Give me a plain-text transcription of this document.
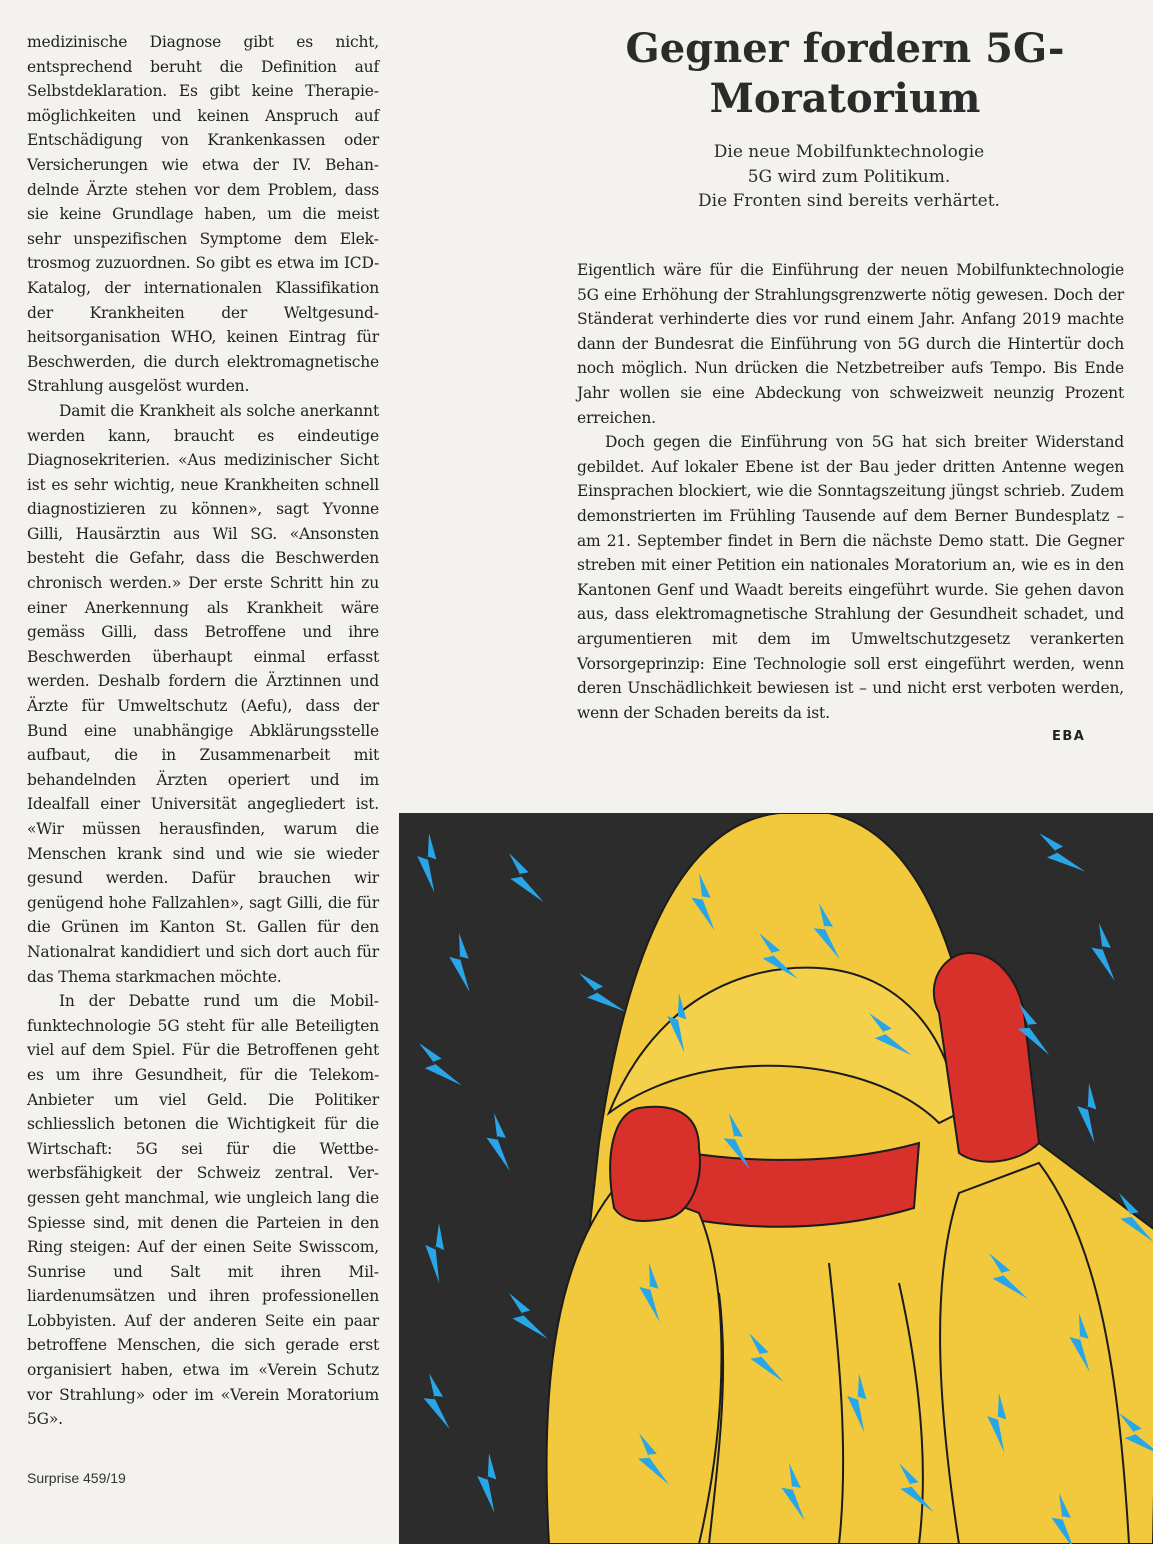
medizinische Diagnose gibt es nicht, entsprechend beruht die Definition auf Selbstdeklaration. Es gibt keine Therapiemöglichkeiten und keinen Anspruch auf Entschädigung von Krankenkassen oder Versicherungen wie etwa der IV. Behandelnde Ärzte stehen vor dem Problem, dass sie keine Grundlage haben, um die meist sehr unspezifischen Symptome dem Elektrosmog zuzuordnen. So gibt es etwa im ICD-Katalog, der internationalen Klassifikation der Krankheiten der Weltgesundheitsorganisation WHO, keinen Eintrag für Beschwerden, die durch elektromagnetische Strahlung ausgelöst wurden.

Damit die Krankheit als solche anerkannt werden kann, braucht es eindeutige Diagnosekriterien. «Aus medizinischer Sicht ist es sehr wichtig, neue Krankheiten schnell diagnostizieren zu können», sagt Yvonne Gilli, Hausärztin aus Wil SG. «Ansonsten besteht die Gefahr, dass die Beschwerden chronisch werden.» Der erste Schritt hin zu einer Anerkennung als Krankheit wäre gemäss Gilli, dass Betroffene und ihre Beschwerden überhaupt einmal erfasst werden. Deshalb fordern die Ärztinnen und Ärzte für Umweltschutz (Aefu), dass der Bund eine unabhängige Abklärungsstelle aufbaut, die in Zusammenarbeit mit behandelnden Ärzten operiert und im Idealfall einer Universität angegliedert ist. «Wir müssen herausfinden, warum die Menschen krank sind und wie sie wieder gesund werden. Dafür brauchen wir genügend hohe Fallzahlen», sagt Gilli, die für die Grünen im Kanton St. Gallen für den Nationalrat kandidiert und sich dort auch für das Thema starkmachen möchte.

In der Debatte rund um die Mobilfunktechnologie 5G steht für alle Beteiligten viel auf dem Spiel. Für die Betroffenen geht es um ihre Gesundheit, für die Telekom-Anbieter um viel Geld. Die Politiker schliesslich betonen die Wichtigkeit für die Wirtschaft: 5G sei für die Wettbewerbsfähigkeit der Schweiz zentral. Vergessen geht manchmal, wie ungleich lang die Spiesse sind, mit denen die Parteien in den Ring steigen: Auf der einen Seite Swisscom, Sunrise und Salt mit ihren Milliardenumsätzen und ihren professionellen Lobbyisten. Auf der anderen Seite ein paar betroffene Menschen, die sich gerade erst organisiert haben, etwa im «Verein Schutz vor Strahlung» oder im «Verein Moratorium 5G».

Gegner fordern 5G-Moratorium
Die neue Mobilfunktechnologie
5G wird zum Politikum.
Die Fronten sind bereits verhärtet.

Eigentlich wäre für die Einführung der neuen Mobilfunktechnologie 5G eine Erhöhung der Strahlungsgrenzwerte nötig gewesen. Doch der Ständerat verhinderte dies vor rund einem Jahr. Anfang 2019 machte dann der Bundesrat die Einführung von 5G durch die Hintertür doch noch möglich. Nun drücken die Netzbetreiber aufs Tempo. Bis Ende Jahr wollen sie eine Abdeckung von schweizweit neunzig Prozent erreichen.

Doch gegen die Einführung von 5G hat sich breiter Widerstand gebildet. Auf lokaler Ebene ist der Bau jeder dritten Antenne wegen Einsprachen blockiert, wie die Sonntagszeitung jüngst schrieb. Zudem demonstrierten im Frühling Tausende auf dem Berner Bundesplatz – am 21. September findet in Bern die nächste Demo statt. Die Gegner streben mit einer Petition ein nationales Moratorium an, wie es in den Kantonen Genf und Waadt bereits eingeführt wurde. Sie gehen davon aus, dass elektromagnetische Strahlung der Gesundheit schadet, und argumentieren mit dem im Umweltschutzgesetz verankerten Vorsorgeprinzip: Eine Technologie soll erst eingeführt werden, wenn deren Unschädlichkeit bewiesen ist – und nicht erst verboten werden, wenn der Schaden bereits da ist.

EBA
Surprise 459/19
